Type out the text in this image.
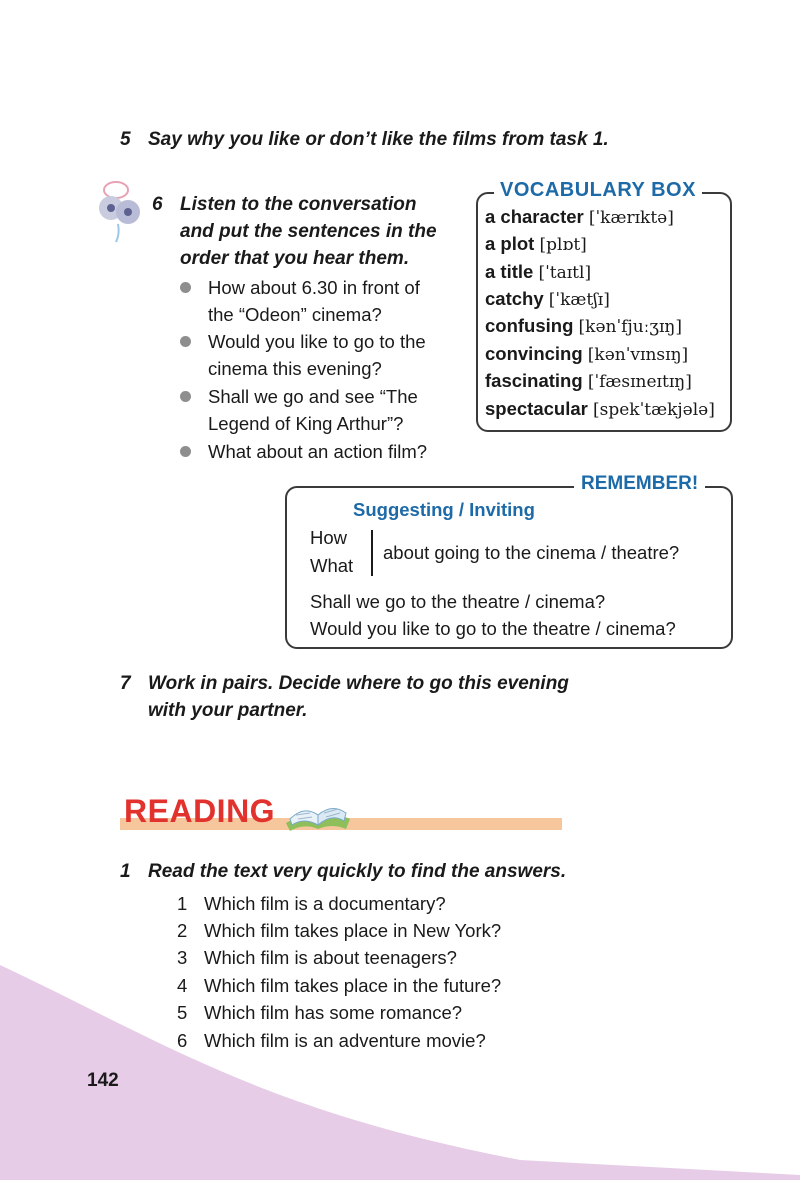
5 Say why you like or don’t like the films from task 1.
6 Listen to the conversation
and put the sentences in the
order that you hear them.
How about 6.30 in front of
the “Odeon” cinema?
Would you like to go to the
cinema this evening?
Shall we go and see “The
Legend of King Arthur”?
What about an action film?
VOCABULARY BOX
a character [ˈkærɪktə]
a plot [plɒt]
a title [ˈtaɪtl]
catchy [ˈkætʃɪ]
confusing [kənˈfjuːʒɪŋ]
convincing [kənˈvɪnsɪŋ]
fascinating [ˈfæsɪneɪtɪŋ]
spectacular [spekˈtækjələ]
REMEMBER!
Suggesting / Inviting
How
What
about going to the cinema / theatre?
Shall we go to the theatre / cinema?
Would you like to go to the theatre / cinema?
7 Work in pairs. Decide where to go this evening
with your partner.
READING
1 Read the text very quickly to find the answers.
1 Which film is a documentary?
2 Which film takes place in New York?
3 Which film is about teenagers?
4 Which film takes place in the future?
5 Which film has some romance?
6 Which film is an adventure movie?
142
